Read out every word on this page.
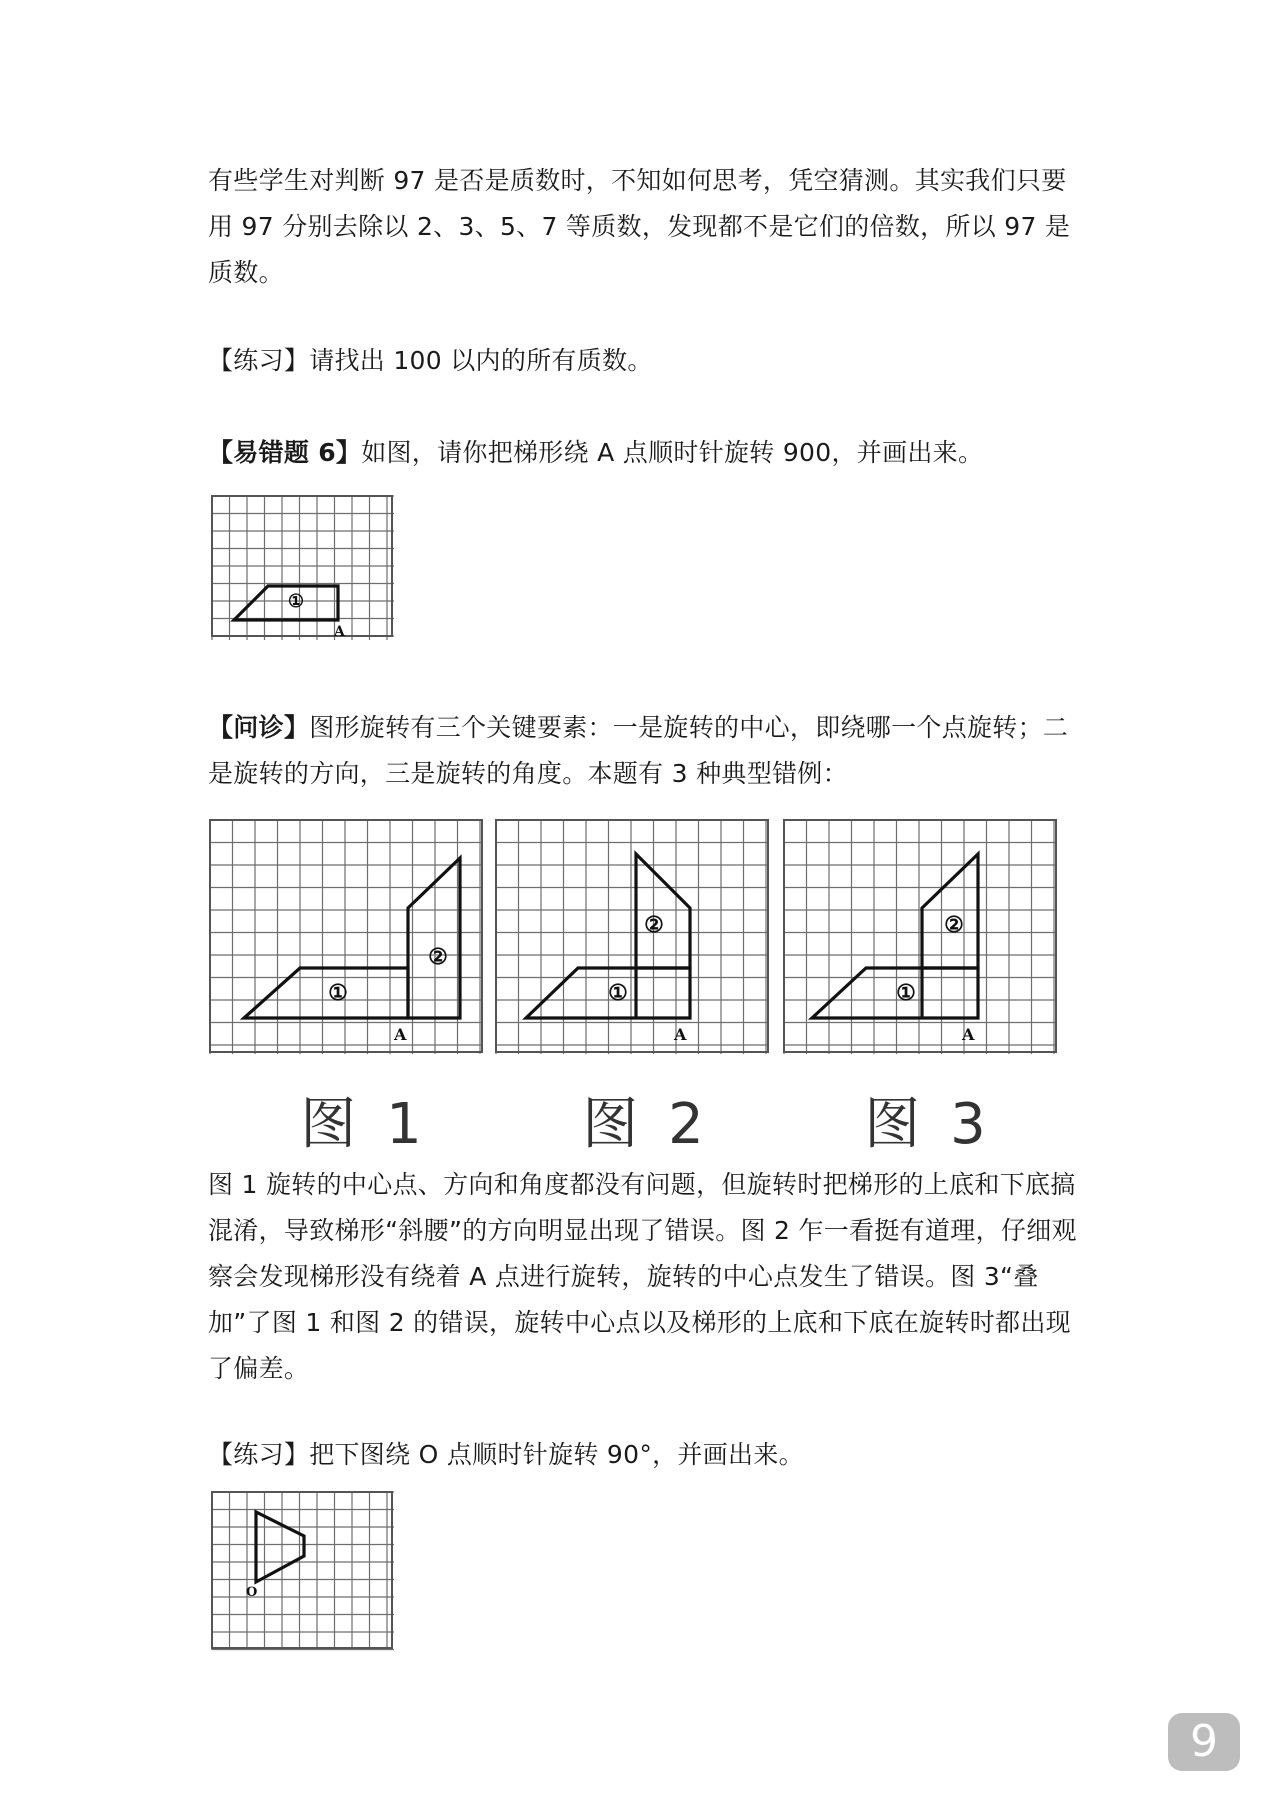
有些学生对判断 97 是否是质数时，不知如何思考，凭空猜测。其实我们只要用 97 分别去除以 2、3、5、7 等质数，发现都不是它们的倍数，所以 97 是质数。

【练习】请找出 100 以内的所有质数。

【易错题 6】如图，请你把梯形绕 A 点顺时针旋转 900，并画出来。

①
A

【问诊】图形旋转有三个关键要素：一是旋转的中心，即绕哪一个点旋转；二是旋转的方向，三是旋转的角度。本题有 3 种典型错例：

①
②
A
①
②
A
①
②
A
图 1	图 2	图 3

图 1 旋转的中心点、方向和角度都没有问题，但旋转时把梯形的上底和下底搞混淆，导致梯形“斜腰”的方向明显出现了错误。图 2 乍一看挺有道理，仔细观察会发现梯形没有绕着 A 点进行旋转，旋转的中心点发生了错误。图 3“叠加”了图 1 和图 2 的错误，旋转中心点以及梯形的上底和下底在旋转时都出现了偏差。

【练习】把下图绕 O 点顺时针旋转 90°，并画出来。

O
9
